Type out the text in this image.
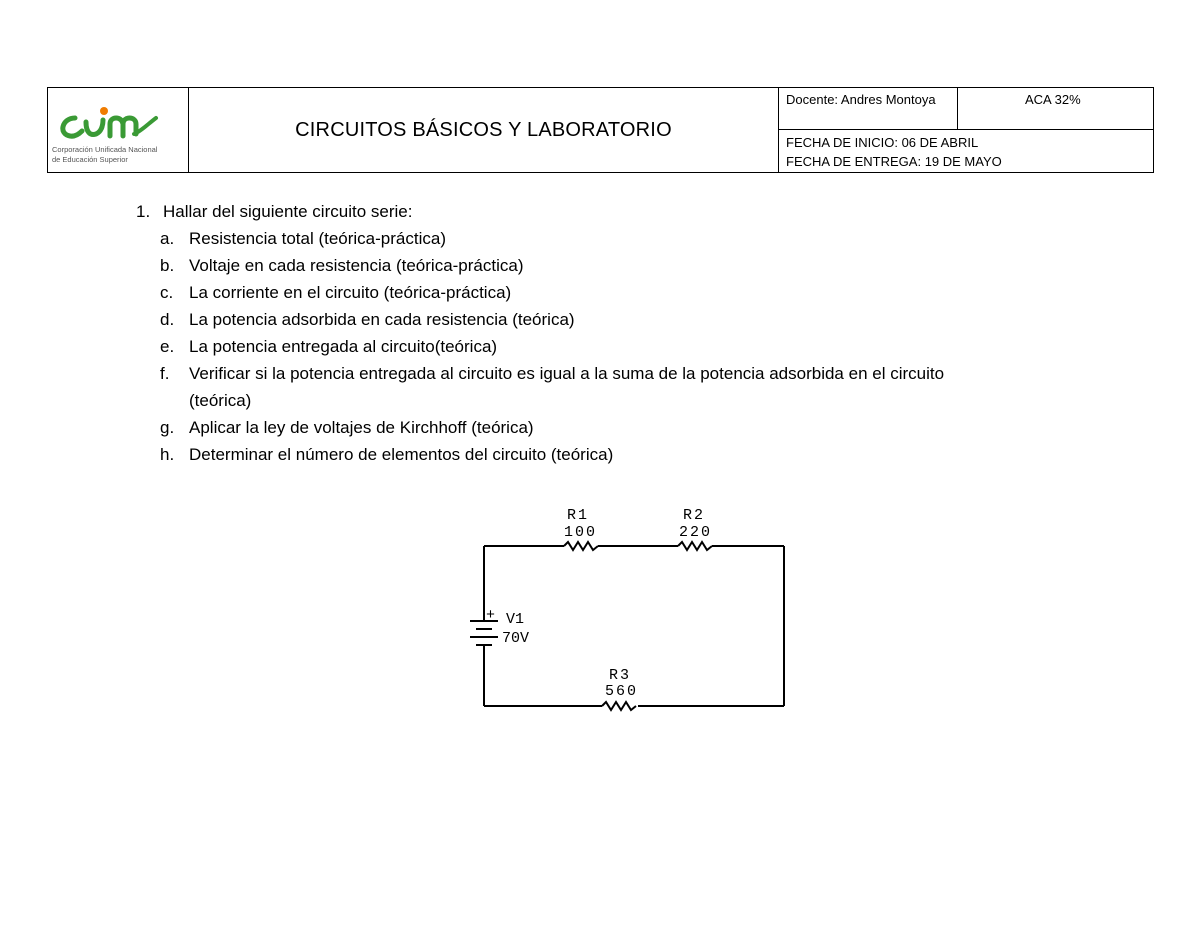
Corporación Unificada Nacional
de Educación Superior
CIRCUITOS BÁSICOS Y LABORATORIO
Docente: Andres Montoya	ACA 32%
FECHA DE INICIO: 06 DE ABRIL
FECHA DE ENTREGA: 19 DE MAYO
1. Hallar del siguiente circuito serie:
a. Resistencia total (teórica-práctica)
b. Voltaje en cada resistencia (teórica-práctica)
c. La corriente en el circuito (teórica-práctica)
d. La potencia adsorbida en cada resistencia (teórica)
e. La potencia entregada al circuito(teórica)
f. Verificar si la potencia entregada al circuito es igual a la suma de la potencia adsorbida en el circuito
(teórica)
g. Aplicar la ley de voltajes de Kirchhoff (teórica)
h. Determinar el número de elementos del circuito (teórica)
+ V1
70V
R1
100
R2
220
R3
560
